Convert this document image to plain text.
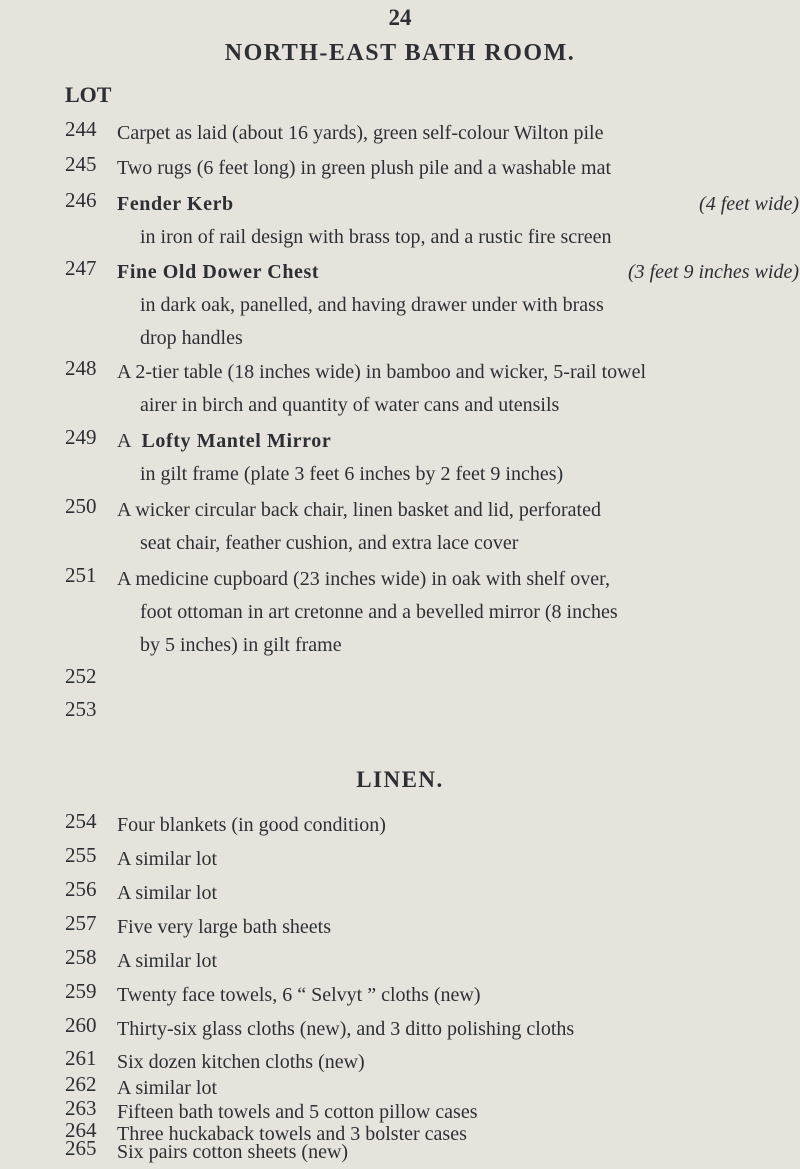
24
NORTH-EAST BATH ROOM.
LOT
244 Carpet as laid (about 16 yards), green self-colour Wilton pile
245 Two rugs (6 feet long) in green plush pile and a washable mat
246 Fender Kerb	(4 feet wide)
in iron of rail design with brass top, and a rustic fire screen
247 Fine Old Dower Chest	(3 feet 9 inches wide)
in dark oak, panelled, and having drawer under with brass
drop handles
248 A 2-tier table (18 inches wide) in bamboo and wicker, 5-rail towel
airer in birch and quantity of water cans and utensils
249 A Lofty Mantel Mirror
in gilt frame (plate 3 feet 6 inches by 2 feet 9 inches)
250 A wicker circular back chair, linen basket and lid, perforated
seat chair, feather cushion, and extra lace cover
251 A medicine cupboard (23 inches wide) in oak with shelf over,
foot ottoman in art cretonne and a bevelled mirror (8 inches
by 5 inches) in gilt frame
252
253
LINEN.
254 Four blankets (in good condition)
255 A similar lot
256 A similar lot
257 Five very large bath sheets
258 A similar lot
259 Twenty face towels, 6 “ Selvyt ” cloths (new)
260 Thirty-six glass cloths (new), and 3 ditto polishing cloths
261 Six dozen kitchen cloths (new)
262 A similar lot
263 Fifteen bath towels and 5 cotton pillow cases
264 Three huckaback towels and 3 bolster cases
265 Six pairs cotton sheets (new)
